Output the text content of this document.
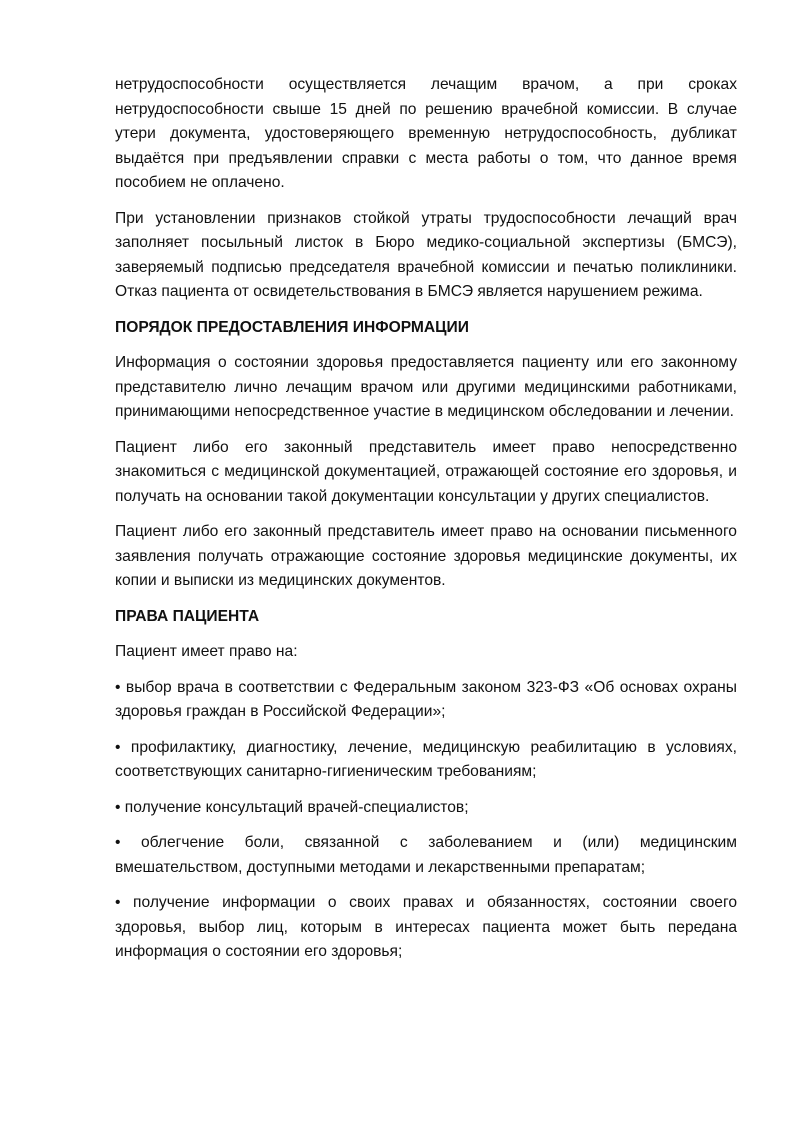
нетрудоспособности осуществляется лечащим врачом, а при сроках нетрудоспособности свыше 15 дней по решению врачебной комиссии. В случае утери документа, удостоверяющего временную нетрудоспособность, дубликат выдаётся при предъявлении справки с места работы о том, что данное время пособием не оплачено.

При установлении признаков стойкой утраты трудоспособности лечащий врач заполняет посыльный листок в Бюро медико-социальной экспертизы (БМСЭ), заверяемый подписью председателя врачебной комиссии и печатью поликлиники. Отказ пациента от освидетельствования в БМСЭ является нарушением режима.

ПОРЯДОК ПРЕДОСТАВЛЕНИЯ ИНФОРМАЦИИ

Информация о состоянии здоровья предоставляется пациенту или его законному представителю лично лечащим врачом или другими медицинскими работниками, принимающими непосредственное участие в медицинском обследовании и лечении.

Пациент либо его законный представитель имеет право непосредственно знакомиться с медицинской документацией, отражающей состояние его здоровья, и получать на основании такой документации консультации у других специалистов.

Пациент либо его законный представитель имеет право на основании письменного заявления получать отражающие состояние здоровья медицинские документы, их копии и выписки из медицинских документов.

ПРАВА ПАЦИЕНТА

Пациент имеет право на:

• выбор врача в соответствии с Федеральным законом 323-ФЗ «Об основах охраны здоровья граждан в Российской Федерации»;

• профилактику, диагностику, лечение, медицинскую реабилитацию в условиях, соответствующих санитарно-гигиеническим требованиям;

• получение консультаций врачей-специалистов;

• облегчение боли, связанной с заболеванием и (или) медицинским вмешательством, доступными методами и лекарственными препаратам;

• получение информации о своих правах и обязанностях, состоянии своего здоровья, выбор лиц, которым в интересах пациента может быть передана информация о состоянии его здоровья;
